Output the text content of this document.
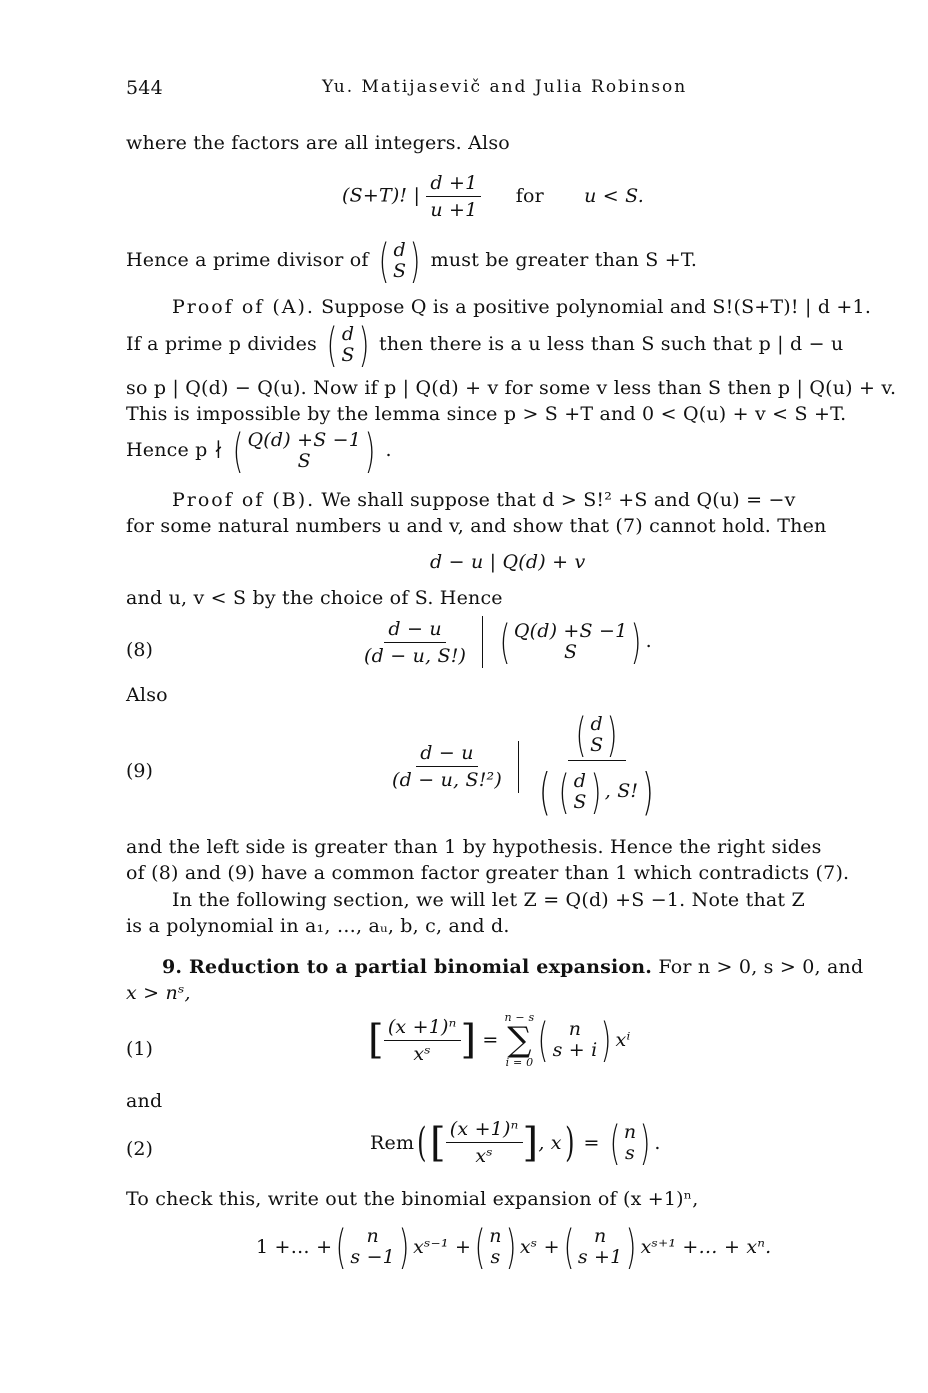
544	Yu. Matijasevič and Julia Robinson
where the factors are all integers. Also
(S+T)! | $\frac{d +1}{u +1}$ for u < S.
Hence a prime divisor of ( d
S ) must be greater than S +T.
Proof of (A). Suppose Q is a positive polynomial and S!(S+T)! | d +1.
If a prime p divides ( d
S ) then there is a u less than S such that p | d − u
so p | Q(d) − Q(u). Now if p | Q(d) + v for some v less than S then p | Q(u) + v.
This is impossible by the lemma since p > S +T and 0 < Q(u) + v < S +T.
Hence p ∤ ( Q(d) +S −1
S ) .
Proof of (B). We shall suppose that d > S!² +S and Q(u) = −v
for some natural numbers u and v, and show that (7) cannot hold. Then
d − u | Q(d) + v
and u, v < S by the choice of S. Hence
(8)	$\frac{d - u}{(d - u, S!)}$
( Q(d) +S −1
S ) .
Also
(9)	$\frac{d - u}{\text{(d − u, S!²)}}$
( d
S )
( ( d
S ) , S!)
and the left side is greater than 1 by hypothesis. Hence the right sides
of (8) and (9) have a common factor greater than 1 which contradicts (7).
In the following section, we will let Z = Q(d) +S −1. Note that Z
is a polynomial in a₁, …, aᵤ, b, c, and d.
9. Reduction to a partial binomial expansion. For n > 0, s > 0, and
x > nˢ,
(1)	[ $\frac{\text{(x +1)ⁿ}}{\text{xˢ}}$ ] =
n − s
∑
i = 0 ( n
s + i ) xⁱ
and
(2)	Rem ( [ $\frac{\text{(x +1)ⁿ}}{\text{xˢ}}$ ] , x ) = ( n
s ) .
To check this, write out the binomial expansion of (x +1)ⁿ,
1 +… + ( n
s −1 ) xˢ⁻¹ + ( n
s ) xˢ + ( n
s +1 ) xˢ⁺¹ +… + xⁿ.
